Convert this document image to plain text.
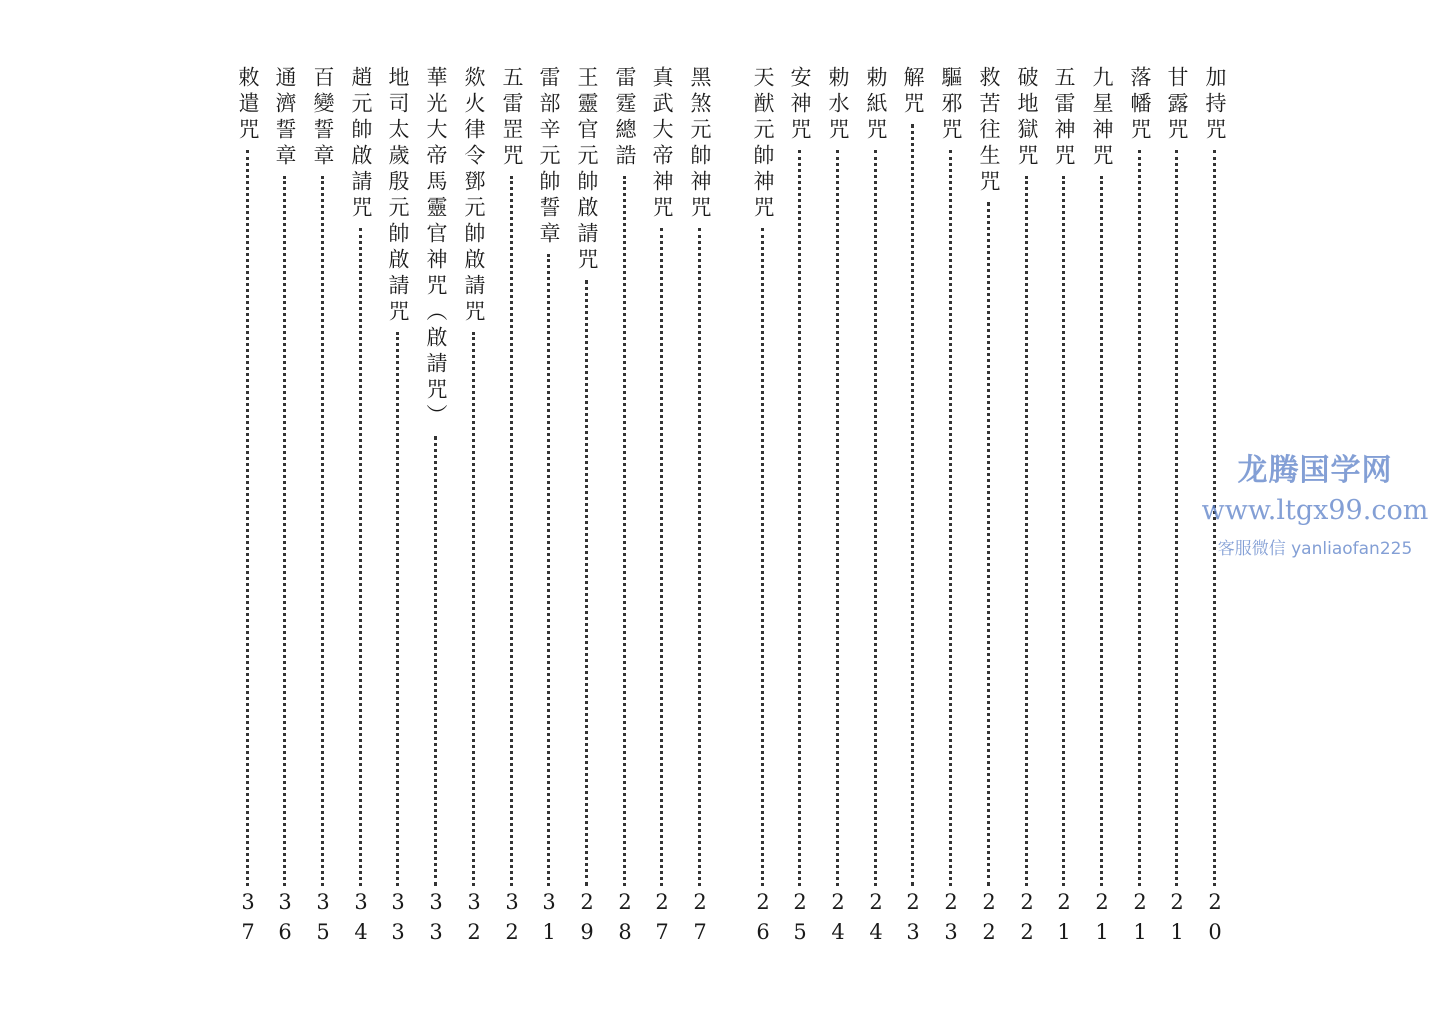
加持咒
20
甘露咒
21
落幡咒
21
九星神咒
21
五雷神咒
21
破地獄咒
22
救苦往生咒
22
驅邪咒
23
解咒
23
勅紙咒
24
勅水咒
24
安神咒
25
天猷元帥神咒
26
黑煞元帥神咒
27
真武大帝神咒
27
雷霆總誥
28
王靈官元帥啟請咒
29
雷部辛元帥誓章
31
五雷罡咒
32
欻火律令鄧元帥啟請咒
32
華光大帝馬靈官神咒（啟請咒）
33
地司太歲殷元帥啟請咒
33
趙元帥啟請咒
34
百變誓章
35
通濟誓章
36
敕遣咒
37
龙腾国学网
www.ltgx99.com
客服微信 yanliaofan225
